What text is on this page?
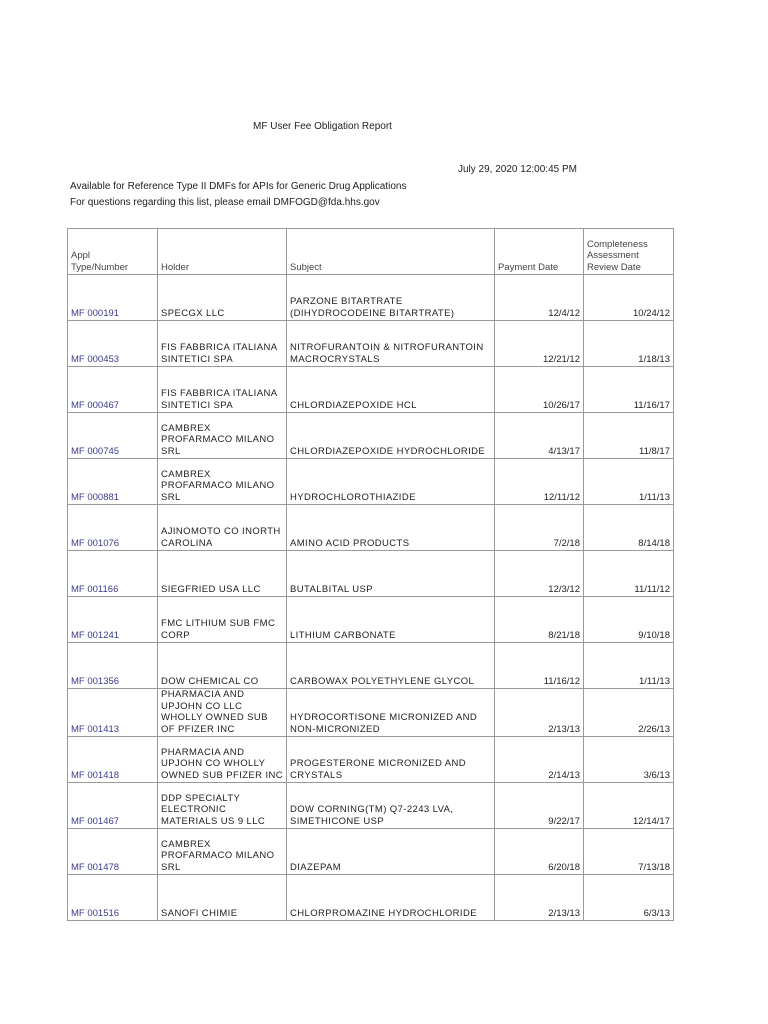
MF User Fee Obligation Report
July 29, 2020 12:00:45 PM
Available for Reference Type II DMFs for APIs for Generic Drug Applications
For questions regarding this list, please email DMFOGD@fda.hhs.gov
Appl
Type/Number	Holder	Subject	Payment Date	Completeness
Assessment
Review Date
MF 000191	SPECGX LLC	PARZONE BITARTRATE
(DIHYDROCODEINE BITARTRATE)	12/4/12	10/24/12
MF 000453	FIS FABBRICA ITALIANA
SINTETICI SPA	NITROFURANTOIN & NITROFURANTOIN
MACROCRYSTALS	12/21/12	1/18/13
MF 000467	FIS FABBRICA ITALIANA
SINTETICI SPA	CHLORDIAZEPOXIDE HCL	10/26/17	11/16/17
MF 000745	CAMBREX
PROFARMACO MILANO
SRL	CHLORDIAZEPOXIDE HYDROCHLORIDE	4/13/17	11/8/17
MF 000881	CAMBREX
PROFARMACO MILANO
SRL	HYDROCHLOROTHIAZIDE	12/11/12	1/11/13
MF 001076	AJINOMOTO CO INORTH
CAROLINA	AMINO ACID PRODUCTS	7/2/18	8/14/18
MF 001166	SIEGFRIED USA LLC	BUTALBITAL USP	12/3/12	11/11/12
MF 001241	FMC LITHIUM SUB FMC
CORP	LITHIUM CARBONATE	8/21/18	9/10/18
MF 001356	DOW CHEMICAL CO	CARBOWAX POLYETHYLENE GLYCOL	11/16/12	1/11/13
MF 001413	PHARMACIA AND
UPJOHN CO LLC
WHOLLY OWNED SUB
OF PFIZER INC	HYDROCORTISONE MICRONIZED AND
NON-MICRONIZED	2/13/13	2/26/13
MF 001418	PHARMACIA AND
UPJOHN CO WHOLLY
OWNED SUB PFIZER INC	PROGESTERONE MICRONIZED AND
CRYSTALS	2/14/13	3/6/13
MF 001467	DDP SPECIALTY
ELECTRONIC
MATERIALS US 9 LLC	DOW CORNING(TM) Q7-2243 LVA,
SIMETHICONE USP	9/22/17	12/14/17
MF 001478	CAMBREX
PROFARMACO MILANO
SRL	DIAZEPAM	6/20/18	7/13/18
MF 001516	SANOFI CHIMIE	CHLORPROMAZINE HYDROCHLORIDE	2/13/13	6/3/13
